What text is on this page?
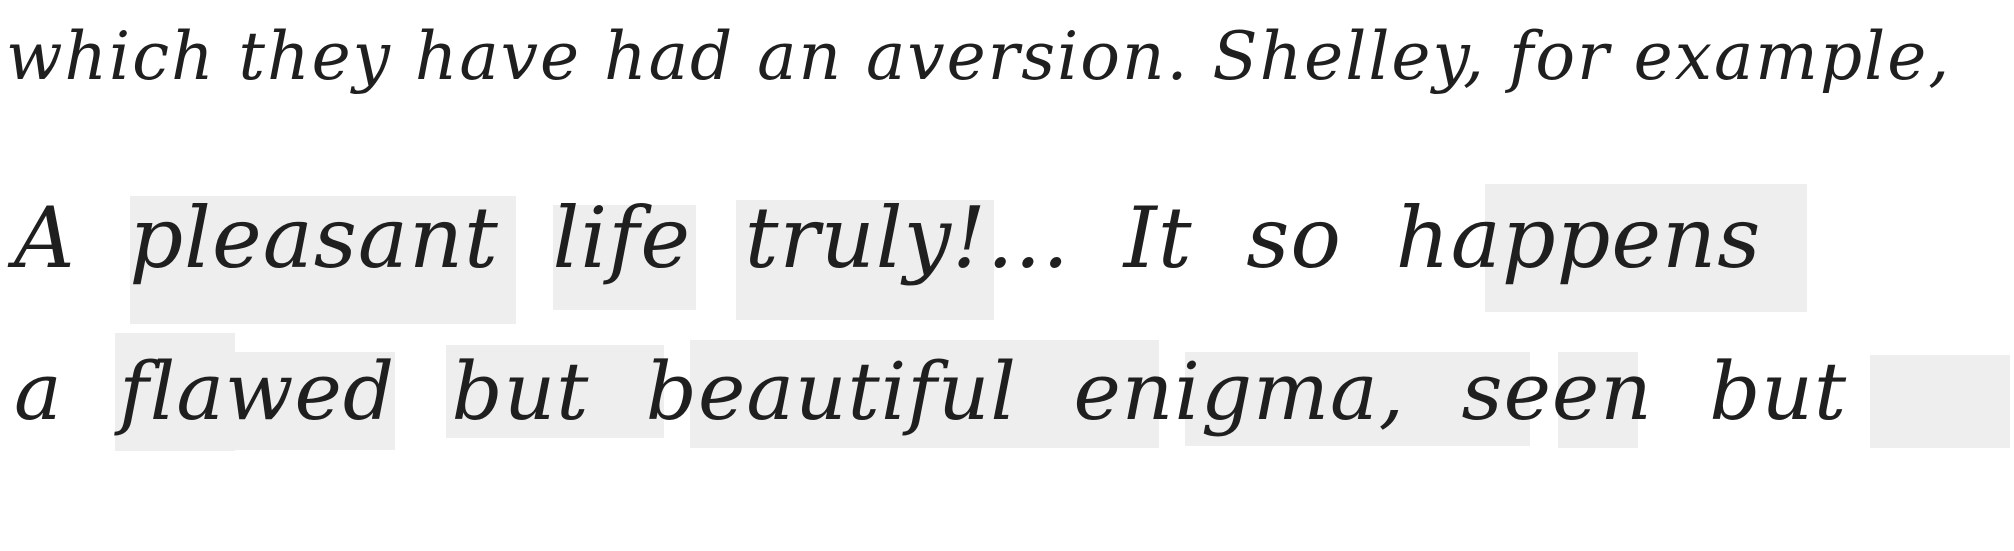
which they have had an aversion. Shelley, for example,
A pleasant life truly!... It so happens
a flawed but beautiful enigma, seen but
